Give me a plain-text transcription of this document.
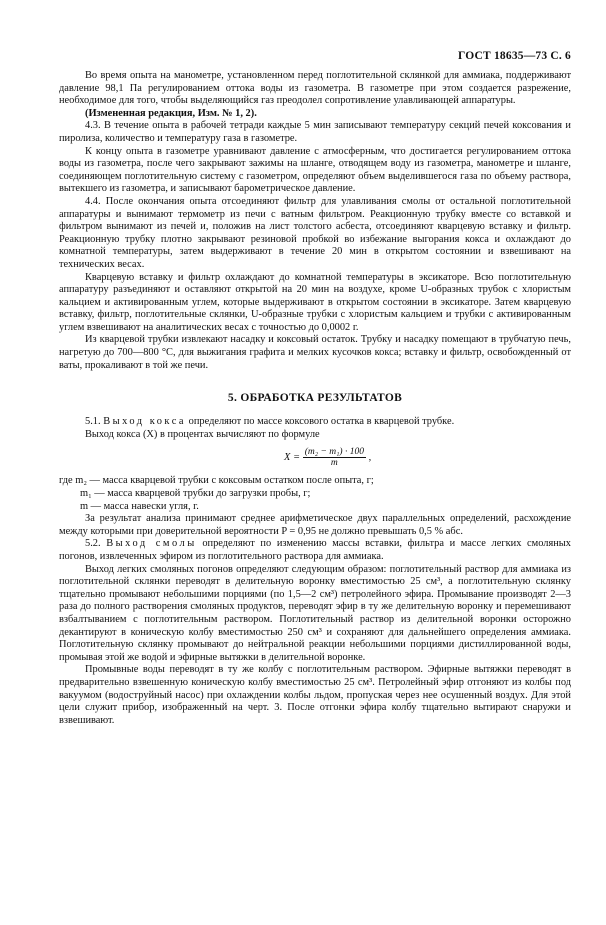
ГОСТ 18635—73 С. 6

Во время опыта на манометре, установленном перед поглотительной склянкой для аммиака, поддерживают давление 98,1 Па регулированием оттока воды из газометра. В газометре при этом создается разрежение, необходимое для того, чтобы выделяющийся газ преодолел сопротивление улавливающей аппаратуры.

(Измененная редакция, Изм. № 1, 2).

4.3. В течение опыта в рабочей тетради каждые 5 мин записывают температуру секций печей коксования и пиролиза, количество и температуру газа в газометре.

К концу опыта в газометре уравнивают давление с атмосферным, что достигается регулированием оттока воды из газометра, после чего закрывают зажимы на шланге, отводящем воду из газометра, манометре и шланге, соединяющем поглотительную систему с газометром, определяют объем выделившегося газа по объему раствора, вытекшего из газометра, и записывают барометрическое давление.

4.4. После окончания опыта отсоединяют фильтр для улавливания смолы от остальной поглотительной аппаратуры и вынимают термометр из печи с ватным фильтром. Реакционную трубку вместе со вставкой и фильтром вынимают из печей и, положив на лист толстого асбеста, отсоединяют кварцевую вставку и фильтр. Реакционную трубку плотно закрывают резиновой пробкой во избежание выгорания кокса и охлаждают до комнатной температуры, затем выдерживают в течение 20 мин в открытом состоянии и взвешивают на технических весах.

Кварцевую вставку и фильтр охлаждают до комнатной температуры в эксикаторе. Всю поглотительную аппаратуру разъединяют и оставляют открытой на 20 мин на воздухе, кроме U-образных трубок с хлористым кальцием и активированным углем, которые выдерживают в открытом состоянии в эксикаторе. Затем кварцевую вставку, фильтр, поглотительные склянки, U-образные трубки с хлористым кальцием и трубки с активированным углем взвешивают на аналитических весах с точностью до 0,0002 г.

Из кварцевой трубки извлекают насадку и коксовый остаток. Трубку и насадку помещают в трубчатую печь, нагретую до 700—800 °С, для выжигания графита и мелких кусочков кокса; вставку и фильтр, освобожденный от ваты, прокаливают в той же печи.

5. ОБРАБОТКА РЕЗУЛЬТАТОВ

5.1. Выход кокса определяют по массе коксового остатка в кварцевой трубке.

Выход кокса (X) в процентах вычисляют по формуле

$X = \frac{\text{(m₂ − m₁) · 100}}{m}$ ,

где m₂ — масса кварцевой трубки с коксовым остатком после опыта, г;

m₁ — масса кварцевой трубки до загрузки пробы, г;

m — масса навески угля, г.

За результат анализа принимают среднее арифметическое двух параллельных определений, расхождение между которыми при доверительной вероятности P = 0,95 не должно превышать 0,5 % абс.

5.2. Выход смолы определяют по изменению массы вставки, фильтра и массе легких смоляных погонов, извлеченных эфиром из поглотительного раствора для аммиака.

Выход легких смоляных погонов определяют следующим образом: поглотительный раствор для аммиака из поглотительной склянки переводят в делительную воронку вместимостью 25 см³, а поглотительную склянку тщательно промывают небольшими порциями (по 1,5—2 см³) петролейного эфира. Промывание производят 2—3 раза до полного растворения смоляных продуктов, переводят эфир в ту же делительную воронку и перемешивают взбалтыванием с поглотительным раствором. Поглотительный раствор из делительной воронки осторожно декантируют в коническую колбу вместимостью 250 см³ и сохраняют для дальнейшего определения аммиака. Поглотительную склянку промывают до нейтральной реакции небольшими порциями дистиллированной воды, промывая этой же водой и эфирные вытяжки в делительной воронке.

Промывные воды переводят в ту же колбу с поглотительным раствором. Эфирные вытяжки переводят в предварительно взвешенную коническую колбу вместимостью 25 см³. Петролейный эфир отгоняют из колбы под вакуумом (водоструйный насос) при охлаждении колбы льдом, пропуская через нее осушенный воздух. Для этой цели служит прибор, изображенный на черт. 3. После отгонки эфира колбу тщательно вытирают снаружи и взвешивают.
